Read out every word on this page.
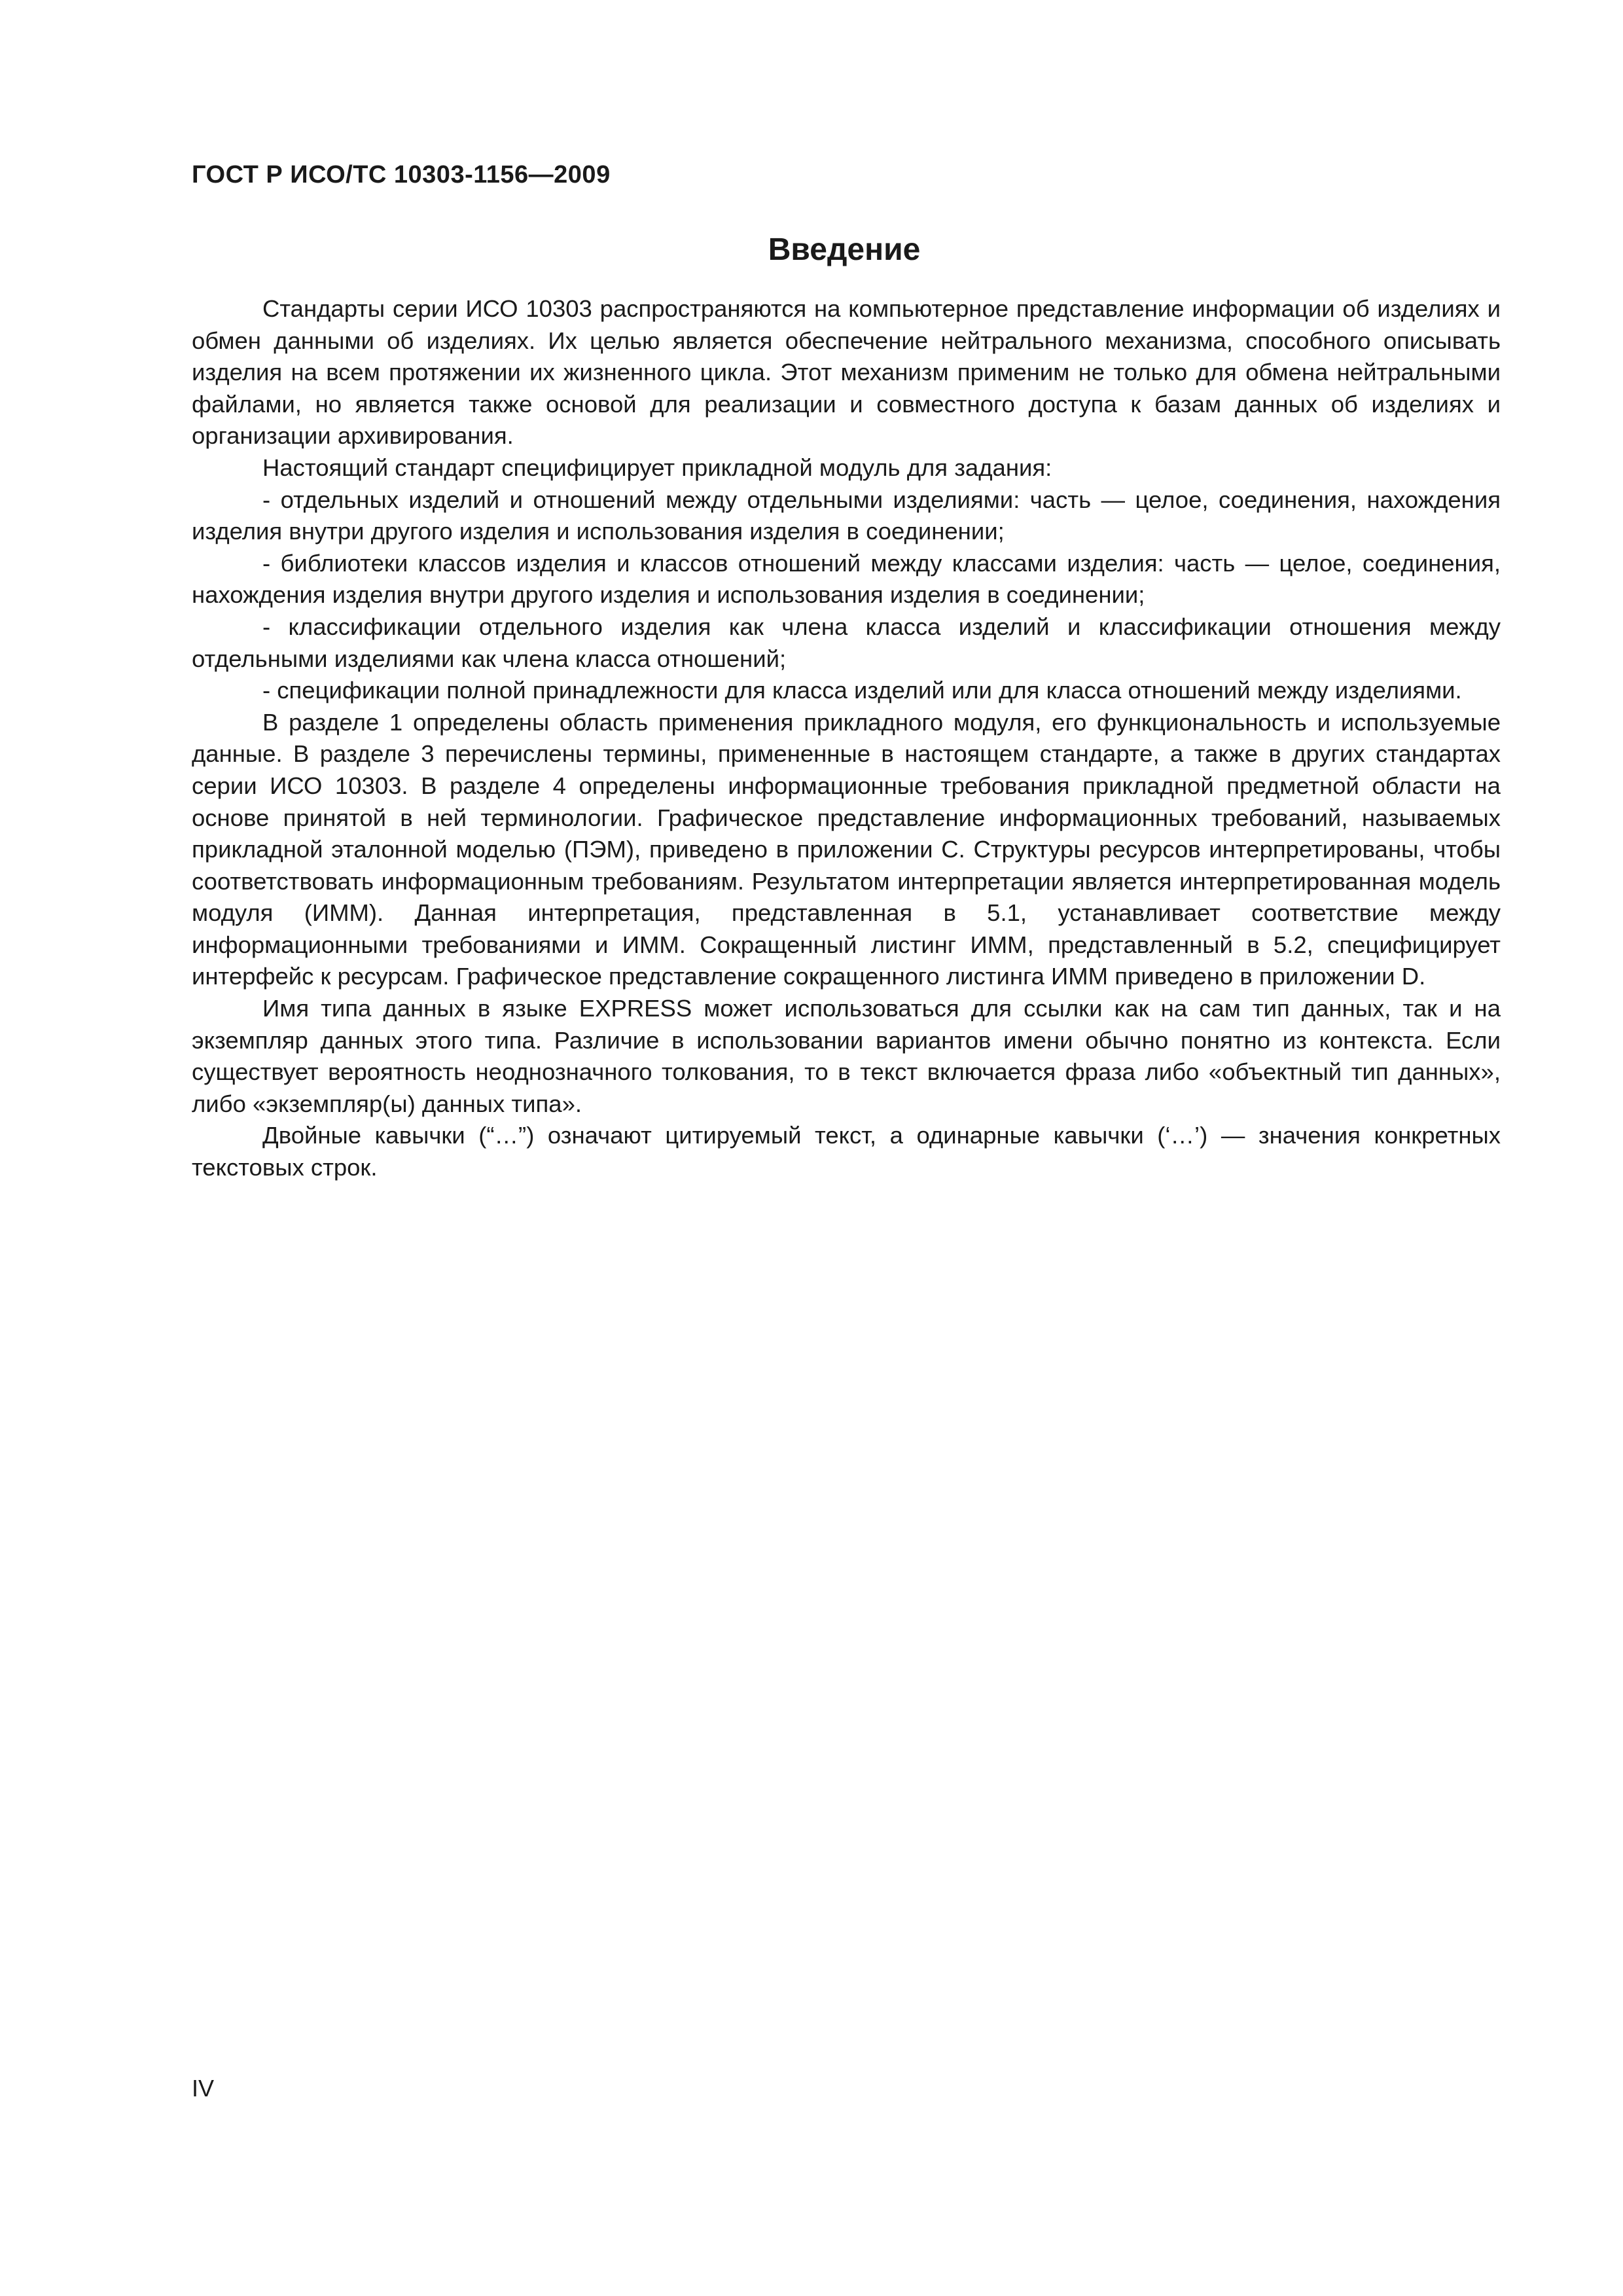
ГОСТ Р ИСО/ТС 10303-1156—2009
Введение

Стандарты серии ИСО 10303 распространяются на компьютерное представление информации об изделиях и обмен данными об изделиях. Их целью является обеспечение нейтрального механизма, способного описывать изделия на всем протяжении их жизненного цикла. Этот механизм применим не только для обмена нейтральными файлами, но является также основой для реализации и совместного доступа к базам данных об изделиях и организации архивирования.

Настоящий стандарт специфицирует прикладной модуль для задания:

- отдельных изделий и отношений между отдельными изделиями: часть — целое, соединения, нахождения изделия внутри другого изделия и использования изделия в соединении;

- библиотеки классов изделия и классов отношений между классами изделия: часть — целое, соединения, нахождения изделия внутри другого изделия и использования изделия в соединении;

- классификации отдельного изделия как члена класса изделий и классификации отношения между отдельными изделиями как члена класса отношений;

- спецификации полной принадлежности для класса изделий или для класса отношений между изделиями.

В разделе 1 определены область применения прикладного модуля, его функциональность и используемые данные. В разделе 3 перечислены термины, примененные в настоящем стандарте, а также в других стандартах серии ИСО 10303. В разделе 4 определены информационные требования прикладной предметной области на основе принятой в ней терминологии. Графическое представление информационных требований, называемых прикладной эталонной моделью (ПЭМ), приведено в приложении С. Структуры ресурсов интерпретированы, чтобы соответствовать информационным требованиям. Результатом интерпретации является интерпретированная модель модуля (ИММ). Данная интерпретация, представленная в 5.1, устанавливает соответствие между информационными требованиями и ИММ. Сокращенный листинг ИММ, представленный в 5.2, специфицирует интерфейс к ресурсам. Графическое представление сокращенного листинга ИММ приведено в приложении D.

Имя типа данных в языке EXPRESS может использоваться для ссылки как на сам тип данных, так и на экземпляр данных этого типа. Различие в использовании вариантов имени обычно понятно из контекста. Если существует вероятность неоднозначного толкования, то в текст включается фраза либо «объектный тип данных», либо «экземпляр(ы) данных типа».

Двойные кавычки (“…”) означают цитируемый текст, а одинарные кавычки (‘…’) — значения конкретных текстовых строк.

IV
